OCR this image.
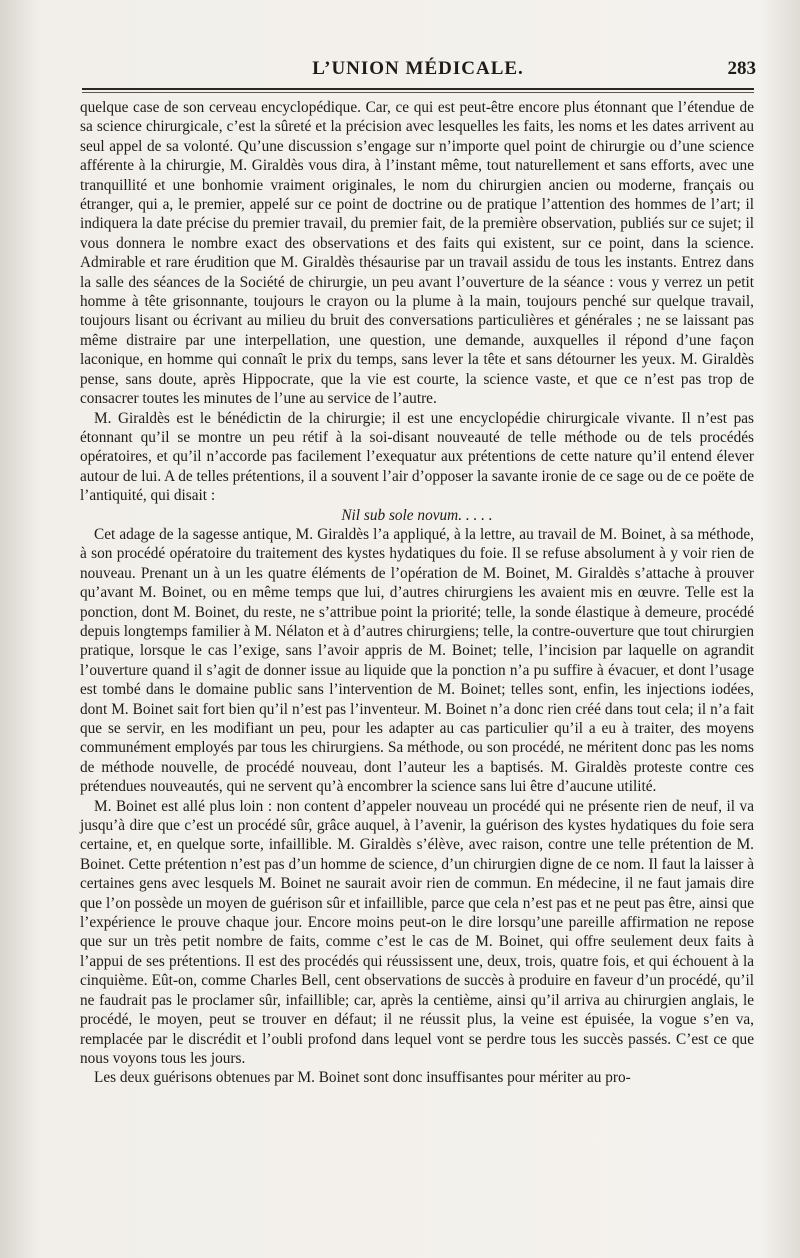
L’UNION MÉDICALE.	283

quelque case de son cerveau encyclopédique. Car, ce qui est peut-être encore plus étonnant que l’étendue de sa science chirurgicale, c’est la sûreté et la précision avec lesquelles les faits, les noms et les dates arrivent au seul appel de sa volonté. Qu’une discussion s’engage sur n’importe quel point de chirurgie ou d’une science afférente à la chirurgie, M. Giraldès vous dira, à l’instant même, tout naturellement et sans efforts, avec une tranquillité et une bonhomie vraiment originales, le nom du chirurgien ancien ou moderne, français ou étranger, qui a, le premier, appelé sur ce point de doctrine ou de pratique l’attention des hommes de l’art; il indiquera la date précise du premier travail, du premier fait, de la première observation, publiés sur ce sujet; il vous donnera le nombre exact des observations et des faits qui existent, sur ce point, dans la science. Admirable et rare érudition que M. Giraldès thésaurise par un travail assidu de tous les instants. Entrez dans la salle des séances de la Société de chirurgie, un peu avant l’ouverture de la séance : vous y verrez un petit homme à tête grisonnante, toujours le crayon ou la plume à la main, toujours penché sur quelque travail, toujours lisant ou écrivant au milieu du bruit des conversations particulières et générales ; ne se laissant pas même distraire par une interpellation, une question, une demande, auxquelles il répond d’une façon laconique, en homme qui connaît le prix du temps, sans lever la tête et sans détourner les yeux. M. Giraldès pense, sans doute, après Hippocrate, que la vie est courte, la science vaste, et que ce n’est pas trop de consacrer toutes les minutes de l’une au service de l’autre.

M. Giraldès est le bénédictin de la chirurgie; il est une encyclopédie chirurgicale vivante. Il n’est pas étonnant qu’il se montre un peu rétif à la soi-disant nouveauté de telle méthode ou de tels procédés opératoires, et qu’il n’accorde pas facilement l’exequatur aux prétentions de cette nature qu’il entend élever autour de lui. A de telles prétentions, il a souvent l’air d’opposer la savante ironie de ce sage ou de ce poëte de l’antiquité, qui disait :

Nil sub sole novum. . . . .

Cet adage de la sagesse antique, M. Giraldès l’a appliqué, à la lettre, au travail de M. Boinet, à sa méthode, à son procédé opératoire du traitement des kystes hydatiques du foie. Il se refuse absolument à y voir rien de nouveau. Prenant un à un les quatre éléments de l’opération de M. Boinet, M. Giraldès s’attache à prouver qu’avant M. Boinet, ou en même temps que lui, d’autres chirurgiens les avaient mis en œuvre. Telle est la ponction, dont M. Boinet, du reste, ne s’attribue point la priorité; telle, la sonde élastique à demeure, procédé depuis longtemps familier à M. Nélaton et à d’autres chirurgiens; telle, la contre-ouverture que tout chirurgien pratique, lorsque le cas l’exige, sans l’avoir appris de M. Boinet; telle, l’incision par laquelle on agrandit l’ouverture quand il s’agit de donner issue au liquide que la ponction n’a pu suffire à évacuer, et dont l’usage est tombé dans le domaine public sans l’intervention de M. Boinet; telles sont, enfin, les injections iodées, dont M. Boinet sait fort bien qu’il n’est pas l’inventeur. M. Boinet n’a donc rien créé dans tout cela; il n’a fait que se servir, en les modifiant un peu, pour les adapter au cas particulier qu’il a eu à traiter, des moyens communément employés par tous les chirurgiens. Sa méthode, ou son procédé, ne méritent donc pas les noms de méthode nouvelle, de procédé nouveau, dont l’auteur les a baptisés. M. Giraldès proteste contre ces prétendues nouveautés, qui ne servent qu’à encombrer la science sans lui être d’aucune utilité.

M. Boinet est allé plus loin : non content d’appeler nouveau un procédé qui ne présente rien de neuf, il va jusqu’à dire que c’est un procédé sûr, grâce auquel, à l’avenir, la guérison des kystes hydatiques du foie sera certaine, et, en quelque sorte, infaillible. M. Giraldès s’élève, avec raison, contre une telle prétention de M. Boinet. Cette prétention n’est pas d’un homme de science, d’un chirurgien digne de ce nom. Il faut la laisser à certaines gens avec lesquels M. Boinet ne saurait avoir rien de commun. En médecine, il ne faut jamais dire que l’on possède un moyen de guérison sûr et infaillible, parce que cela n’est pas et ne peut pas être, ainsi que l’expérience le prouve chaque jour. Encore moins peut-on le dire lorsqu’une pareille affirmation ne repose que sur un très petit nombre de faits, comme c’est le cas de M. Boinet, qui offre seulement deux faits à l’appui de ses prétentions. Il est des procédés qui réussissent une, deux, trois, quatre fois, et qui échouent à la cinquième. Eût-on, comme Charles Bell, cent observations de succès à produire en faveur d’un procédé, qu’il ne faudrait pas le proclamer sûr, infaillible; car, après la centième, ainsi qu’il arriva au chirurgien anglais, le procédé, le moyen, peut se trouver en défaut; il ne réussit plus, la veine est épuisée, la vogue s’en va, remplacée par le discrédit et l’oubli profond dans lequel vont se perdre tous les succès passés. C’est ce que nous voyons tous les jours.

Les deux guérisons obtenues par M. Boinet sont donc insuffisantes pour mériter au pro-
